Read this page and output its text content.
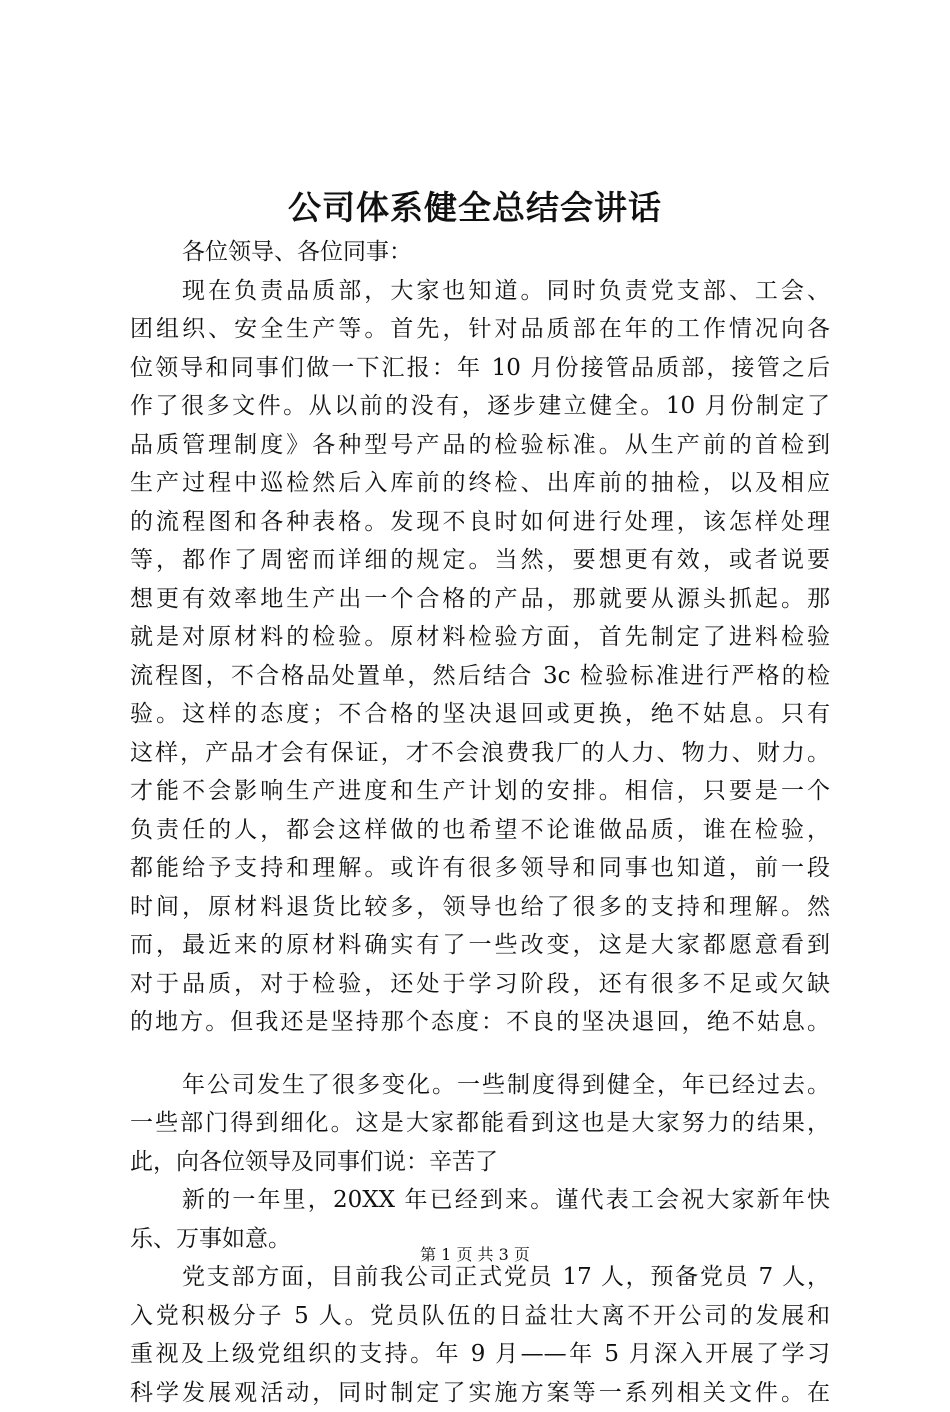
公司体系健全总结会讲话
各位领导、各位同事：
现在负责品质部，大家也知道。同时负责党支部、工会、
团组织、安全生产等。首先，针对品质部在年的工作情况向各
位领导和同事们做一下汇报：年 10 月份接管品质部，接管之后
作了很多文件。从以前的没有，逐步建立健全。10 月份制定了
品质管理制度》各种型号产品的检验标准。从生产前的首检到
生产过程中巡检然后入库前的终检、出库前的抽检，以及相应
的流程图和各种表格。发现不良时如何进行处理，该怎样处理
等，都作了周密而详细的规定。当然，要想更有效，或者说要
想更有效率地生产出一个合格的产品，那就要从源头抓起。那
就是对原材料的检验。原材料检验方面，首先制定了进料检验
流程图，不合格品处置单，然后结合 3c 检验标准进行严格的检
验。这样的态度；不合格的坚决退回或更换，绝不姑息。只有
这样，产品才会有保证，才不会浪费我厂的人力、物力、财力。
才能不会影响生产进度和生产计划的安排。相信，只要是一个
负责任的人，都会这样做的也希望不论谁做品质，谁在检验，
都能给予支持和理解。或许有很多领导和同事也知道，前一段
时间，原材料退货比较多，领导也给了很多的支持和理解。然
而，最近来的原材料确实有了一些改变，这是大家都愿意看到
对于品质，对于检验，还处于学习阶段，还有很多不足或欠缺
的地方。但我还是坚持那个态度：不良的坚决退回，绝不姑息。
年公司发生了很多变化。一些制度得到健全，年已经过去。
一些部门得到细化。这是大家都能看到这也是大家努力的结果，
此，向各位领导及同事们说：辛苦了
新的一年里，20XX 年已经到来。谨代表工会祝大家新年快
乐、万事如意。
党支部方面，目前我公司正式党员 17 人，预备党员 7 人，
入党积极分子 5 人。党员队伍的日益壮大离不开公司的发展和
重视及上级党组织的支持。年 9 月——年 5 月深入开展了学习
科学发展观活动，同时制定了实施方案等一系列相关文件。在
第 1 页 共 3 页
